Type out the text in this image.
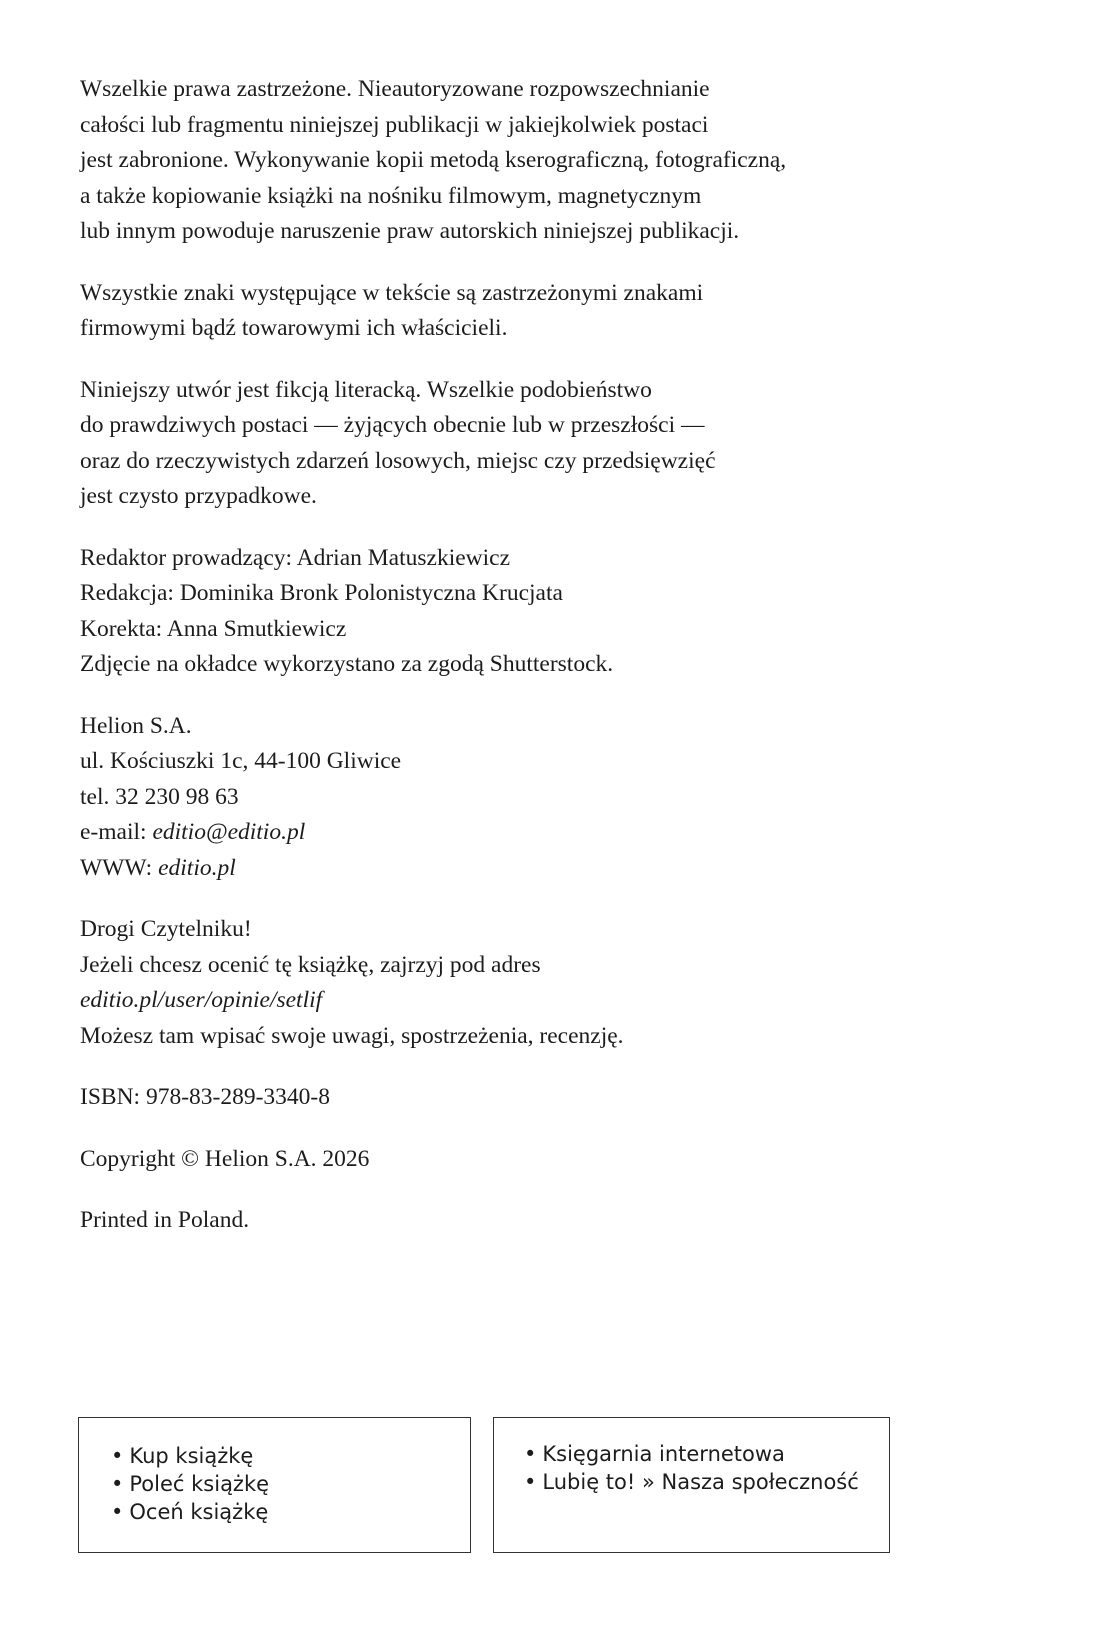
Wszelkie prawa zastrzeżone. Nieautoryzowane rozpowszechnianie
całości lub fragmentu niniejszej publikacji w jakiejkolwiek postaci
jest zabronione. Wykonywanie kopii metodą kserograficzną, fotograficzną,
a także kopiowanie książki na nośniku filmowym, magnetycznym
lub innym powoduje naruszenie praw autorskich niniejszej publikacji.

Wszystkie znaki występujące w tekście są zastrzeżonymi znakami
firmowymi bądź towarowymi ich właścicieli.

Niniejszy utwór jest fikcją literacką. Wszelkie podobieństwo
do prawdziwych postaci — żyjących obecnie lub w przeszłości —
oraz do rzeczywistych zdarzeń losowych, miejsc czy przedsięwzięć
jest czysto przypadkowe.

Redaktor prowadzący: Adrian Matuszkiewicz
Redakcja: Dominika Bronk Polonistyczna Krucjata
Korekta: Anna Smutkiewicz
Zdjęcie na okładce wykorzystano za zgodą Shutterstock.

Helion S.A.
ul. Kościuszki 1c, 44-100 Gliwice
tel. 32 230 98 63
e-mail: editio@editio.pl
WWW: editio.pl

Drogi Czytelniku!
Jeżeli chcesz ocenić tę książkę, zajrzyj pod adres
editio.pl/user/opinie/setlif
Możesz tam wpisać swoje uwagi, spostrzeżenia, recenzję.

ISBN: 978-83-289-3340-8

Copyright © Helion S.A. 2026

Printed in Poland.

• Kup książkę
• Poleć książkę
• Oceń książkę
• Księgarnia internetowa
• Lubię to! » Nasza społeczność
